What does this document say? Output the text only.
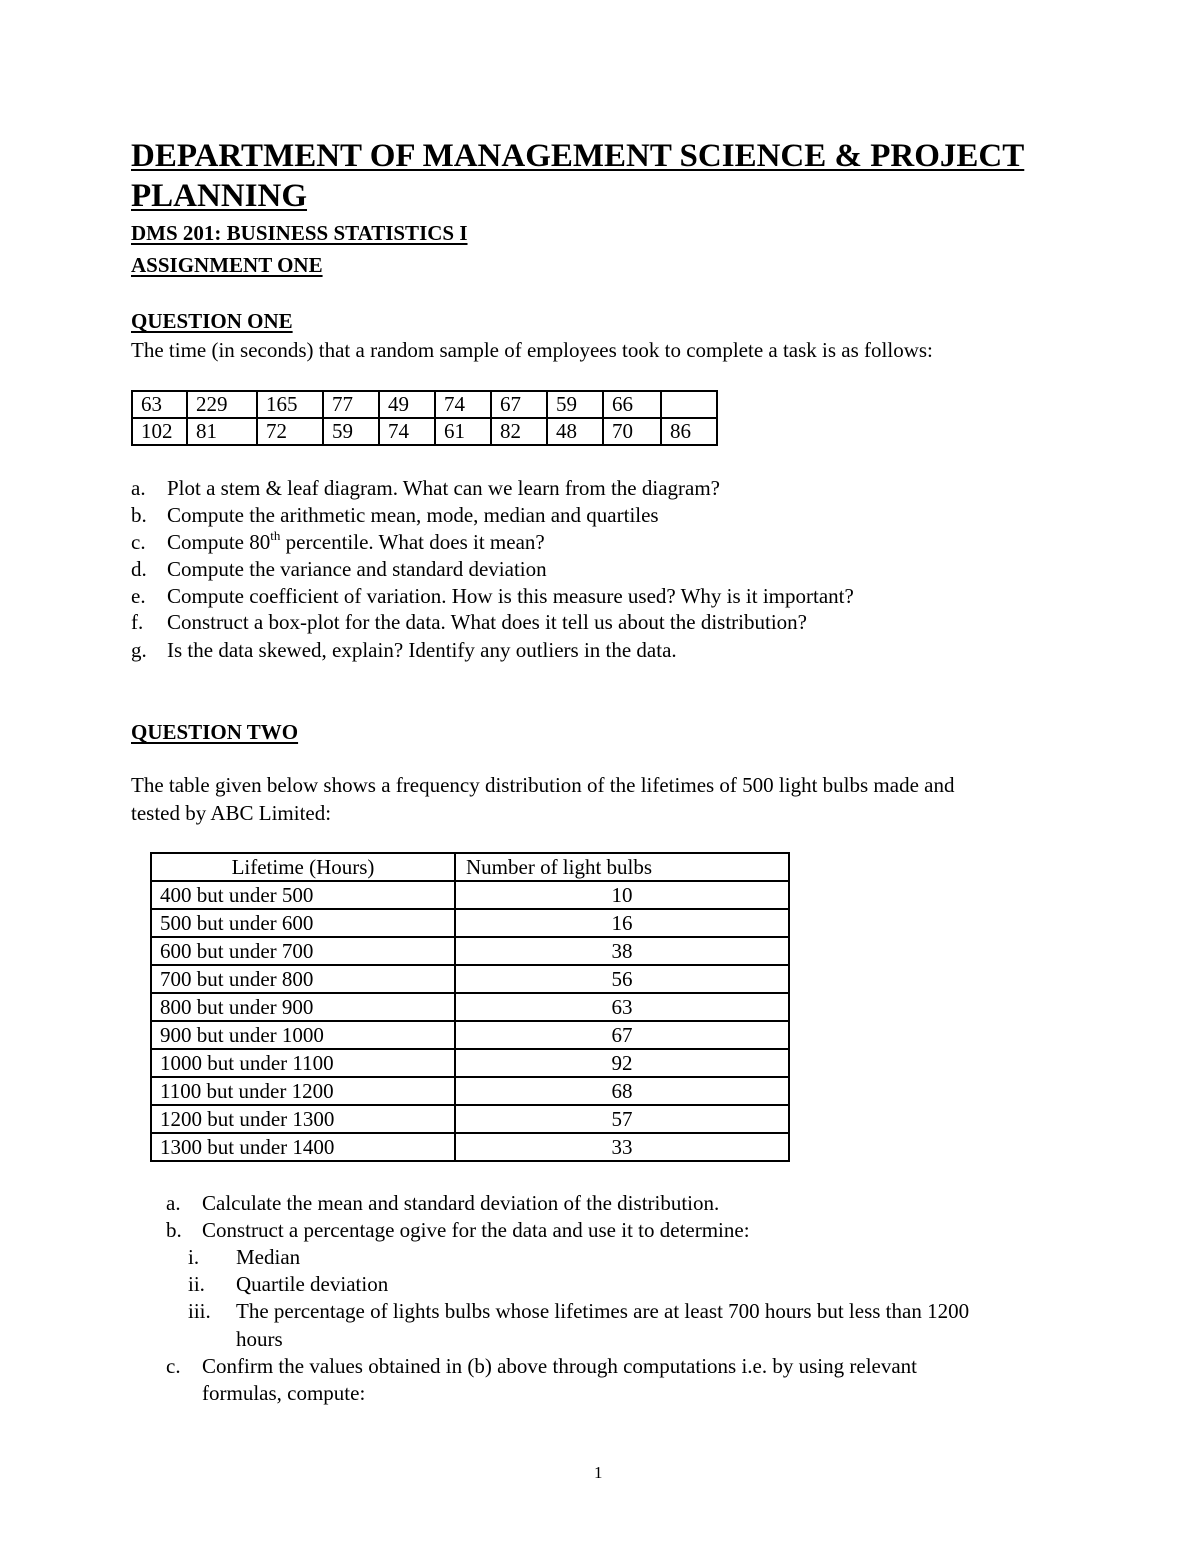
DEPARTMENT OF MANAGEMENT SCIENCE & PROJECT
PLANNING
DMS 201: BUSINESS STATISTICS I
ASSIGNMENT ONE
QUESTION ONE
The time (in seconds) that a random sample of employees took to complete a task is as follows:
63	229	165	77	49	74	67	59	66	
102	81	72	59	74	61	82	48	70	86
a. Plot a stem & leaf diagram. What can we learn from the diagram?
b. Compute the arithmetic mean, mode, median and quartiles
c. Compute 80th percentile. What does it mean?
d. Compute the variance and standard deviation
e. Compute coefficient of variation. How is this measure used? Why is it important?
f. Construct a box-plot for the data. What does it tell us about the distribution?
g. Is the data skewed, explain? Identify any outliers in the data.
QUESTION TWO
The table given below shows a frequency distribution of the lifetimes of 500 light bulbs made and
tested by ABC Limited:
Lifetime (Hours)	Number of light bulbs
400 but under 500	10
500 but under 600	16
600 but under 700	38
700 but under 800	56
800 but under 900	63
900 but under 1000	67
1000 but under 1100	92
1100 but under 1200	68
1200 but under 1300	57
1300 but under 1400	33
a. Calculate the mean and standard deviation of the distribution.
b. Construct a percentage ogive for the data and use it to determine:
i. Median
ii. Quartile deviation
iii. The percentage of lights bulbs whose lifetimes are at least 700 hours but less than 1200
hours
c. Confirm the values obtained in (b) above through computations i.e. by using relevant
formulas, compute:
1
